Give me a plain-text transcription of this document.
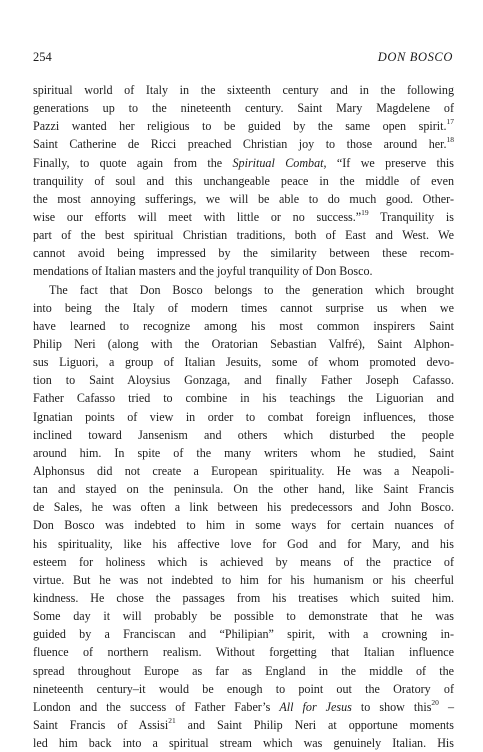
254	DON BOSCO
spiritual world of Italy in the sixteenth century and in the following
generations up to the nineteenth century. Saint Mary Magdelene of
Pazzi wanted her religious to be guided by the same open spirit.$^{17}$
Saint Catherine de Ricci preached Christian joy to those around her.$^{18}$
Finally, to quote again from the Spiritual Combat, “If we preserve this
tranquility of soul and this unchangeable peace in the middle of even
the most annoying sufferings, we will be able to do much good. Other-
wise our efforts will meet with little or no success.”$^{19}$ Tranquility is
part of the best spiritual Christian traditions, both of East and West. We
cannot avoid being impressed by the similarity between these recom-
mendations of Italian masters and the joyful tranquility of Don Bosco.
The fact that Don Bosco belongs to the generation which brought
into being the Italy of modern times cannot surprise us when we
have learned to recognize among his most common inspirers Saint
Philip Neri (along with the Oratorian Sebastian Valfré), Saint Alphon-
sus Liguori, a group of Italian Jesuits, some of whom promoted devo-
tion to Saint Aloysius Gonzaga, and finally Father Joseph Cafasso.
Father Cafasso tried to combine in his teachings the Liguorian and
Ignatian points of view in order to combat foreign influences, those
inclined toward Jansenism and others which disturbed the people
around him. In spite of the many writers whom he studied, Saint
Alphonsus did not create a European spirituality. He was a Neapoli-
tan and stayed on the peninsula. On the other hand, like Saint Francis
de Sales, he was often a link between his predecessors and John Bosco.
Don Bosco was indebted to him in some ways for certain nuances of
his spirituality, like his affective love for God and for Mary, and his
esteem for holiness which is achieved by means of the practice of
virtue. But he was not indebted to him for his humanism or his cheerful
kindness. He chose the passages from his treatises which suited him.
Some day it will probably be possible to demonstrate that he was
guided by a Franciscan and “Philipian” spirit, with a crowning in-
fluence of northern realism. Without forgetting that Italian influence
spread throughout Europe as far as England in the middle of the
nineteenth century–it would be enough to point out the Oratory of
London and the success of Father Faber’s All for Jesus to show this$^{20}$ –
Saint Francis of Assisi$^{21}$ and Saint Philip Neri at opportune moments
led him back into a spiritual stream which was genuinely Italian. His
